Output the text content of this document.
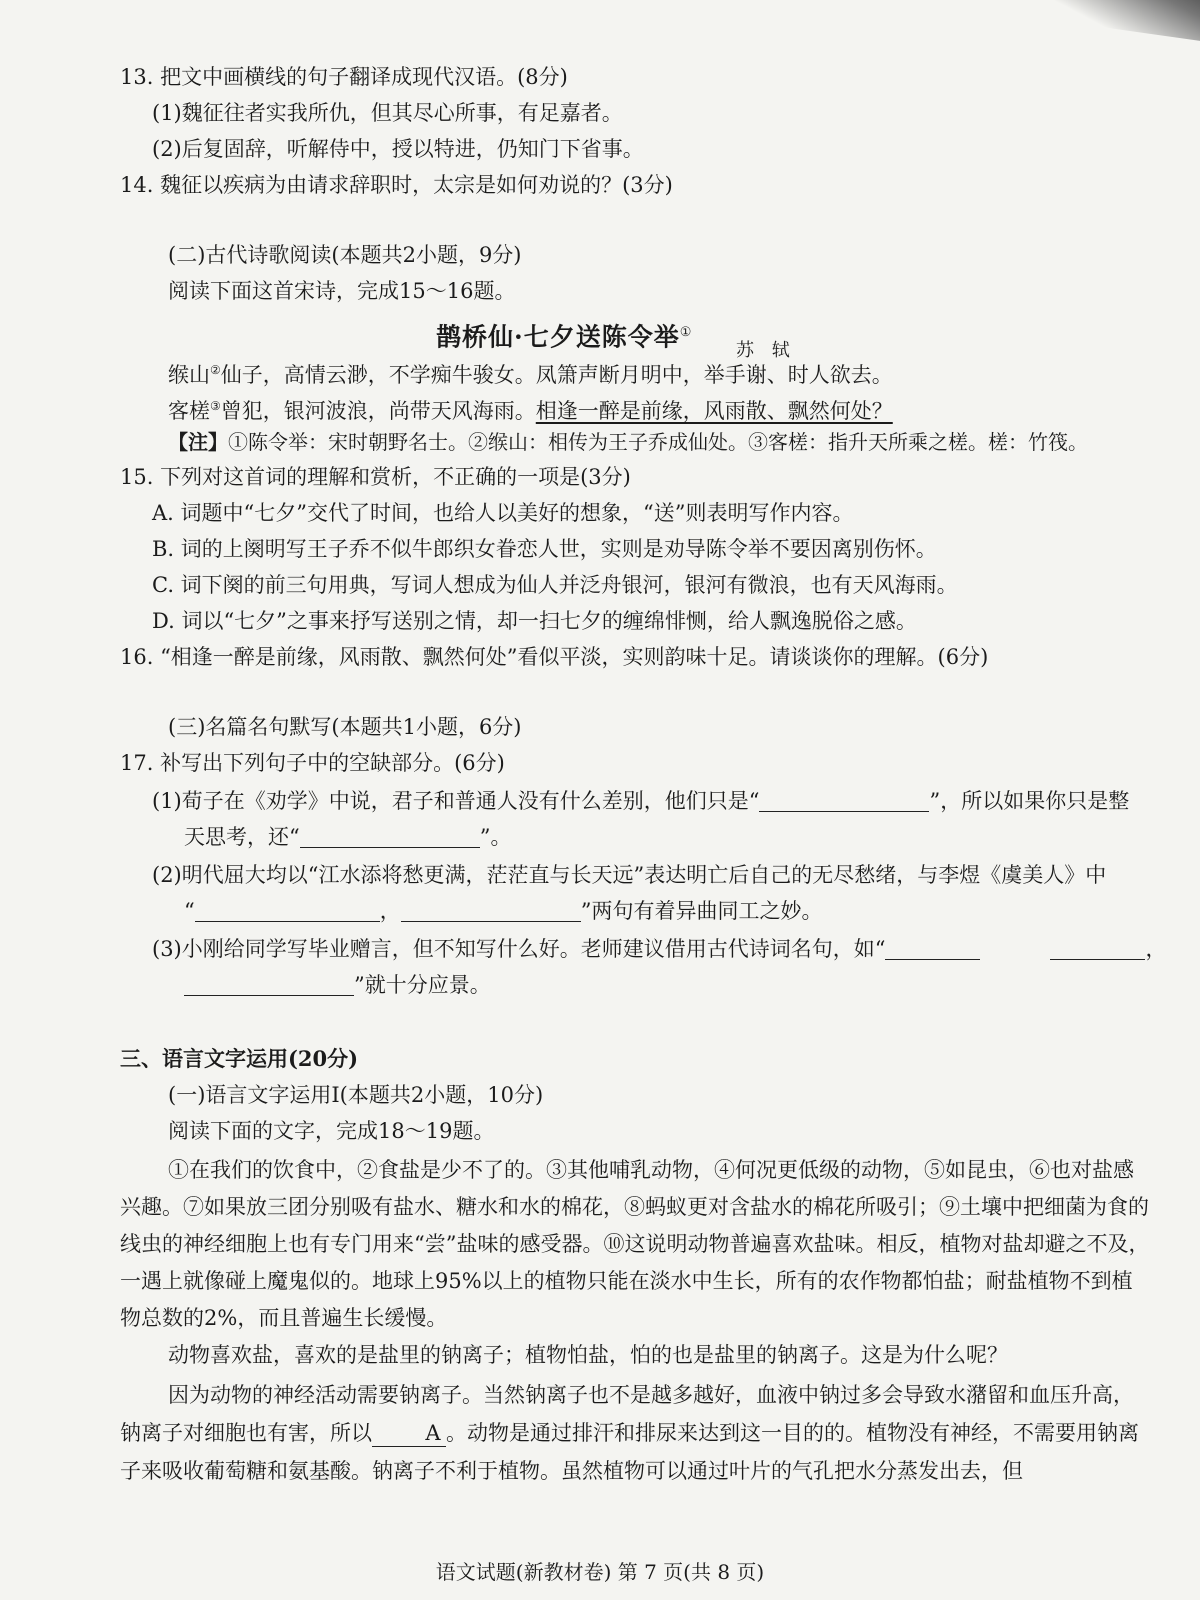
13. 把文中画横线的句子翻译成现代汉语。(8分)
(1)魏征往者实我所仇，但其尽心所事，有足嘉者。
(2)后复固辞，听解侍中，授以特进，仍知门下省事。
14. 魏征以疾病为由请求辞职时，太宗是如何劝说的？(3分)
(二)古代诗歌阅读(本题共2小题，9分)
阅读下面这首宋诗，完成15～16题。
鹊桥仙·七夕送陈令举①
苏 轼
缑山②仙子，高情云渺，不学痴牛骏女。凤箫声断月明中，举手谢、时人欲去。
客槎③曾犯，银河波浪，尚带天风海雨。相逢一醉是前缘，风雨散、飘然何处？
【注】①陈令举：宋时朝野名士。②缑山：相传为王子乔成仙处。③客槎：指升天所乘之槎。槎：竹筏。
15. 下列对这首词的理解和赏析，不正确的一项是(3分)
A. 词题中“七夕”交代了时间，也给人以美好的想象，“送”则表明写作内容。
B. 词的上阕明写王子乔不似牛郎织女眷恋人世，实则是劝导陈令举不要因离别伤怀。
C. 词下阕的前三句用典，写词人想成为仙人并泛舟银河，银河有微浪，也有天风海雨。
D. 词以“七夕”之事来抒写送别之情，却一扫七夕的缠绵悱恻，给人飘逸脱俗之感。
16. “相逢一醉是前缘，风雨散、飘然何处”看似平淡，实则韵味十足。请谈谈你的理解。(6分)
(三)名篇名句默写(本题共1小题，6分)
17. 补写出下列句子中的空缺部分。(6分)
(1)荀子在《劝学》中说，君子和普通人没有什么差别，他们只是“	”，所以如果你只是整
天思考，还“	”。
(2)明代屈大均以“江水添将愁更满，茫茫直与长天远”表达明亡后自己的无尽愁绪，与李煜《虞美人》中
“	，	”两句有着异曲同工之妙。
(3)小刚给同学写毕业赠言，但不知写什么好。老师建议借用古代诗词名句，如“	，
”就十分应景。
三、语言文字运用(20分)
(一)语言文字运用Ⅰ(本题共2小题，10分)
阅读下面的文字，完成18～19题。
①在我们的饮食中，②食盐是少不了的。③其他哺乳动物，④何况更低级的动物，⑤如昆虫，⑥也对盐感兴趣。⑦如果放三团分别吸有盐水、糖水和水的棉花，⑧蚂蚁更对含盐水的棉花所吸引；⑨土壤中把细菌为食的线虫的神经细胞上也有专门用来“尝”盐味的感受器。⑩这说明动物普遍喜欢盐味。相反，植物对盐却避之不及，一遇上就像碰上魔鬼似的。地球上95%以上的植物只能在淡水中生长，所有的农作物都怕盐；耐盐植物不到植物总数的2%，而且普遍生长缓慢。
动物喜欢盐，喜欢的是盐里的钠离子；植物怕盐，怕的也是盐里的钠离子。这是为什么呢？
因为动物的神经活动需要钠离子。当然钠离子也不是越多越好，血液中钠过多会导致水潴留和血压升高，钠离子对细胞也有害，所以	A 。动物是通过排汗和排尿来达到这一目的的。植物没有神经，不需要用钠离子来吸收葡萄糖和氨基酸。钠离子不利于植物。虽然植物可以通过叶片的气孔把水分蒸发出去，但
语文试题(新教材卷) 第 7 页(共 8 页)
